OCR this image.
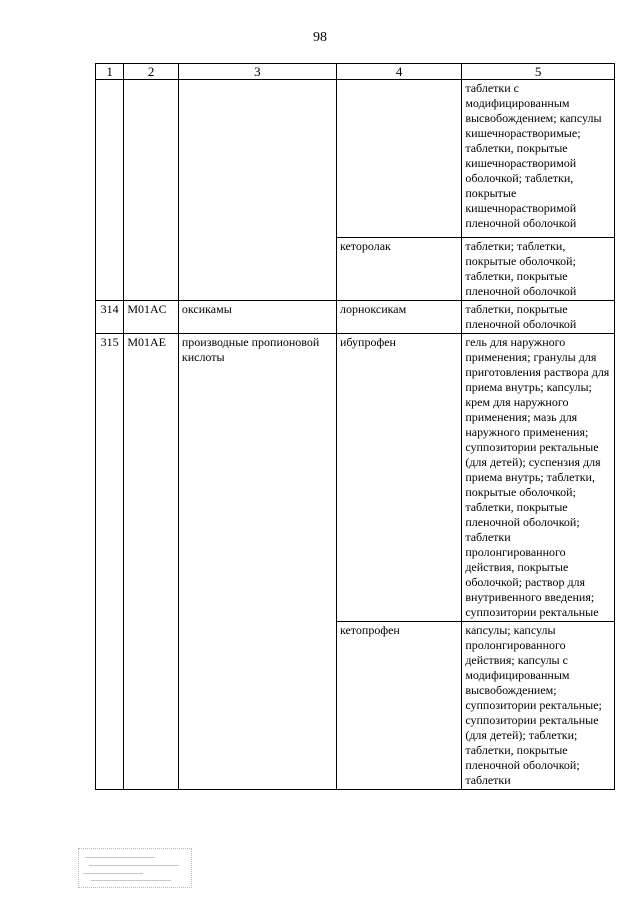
98
1	2	3	4	5
				таблетки с модифицированным высвобождением; капсулы кишечнорастворимые; таблетки, покрытые кишечнорастворимой оболочкой; таблетки, покрытые кишечнорастворимой пленочной оболочкой
			кеторолак	таблетки; таблетки, покрытые оболочкой; таблетки, покрытые пленочной оболочкой
314	M01AC	оксикамы	лорноксикам	таблетки, покрытые пленочной оболочкой
315	M01AE	производные пропионовой кислоты	ибупрофен	гель для наружного применения; гранулы для приготовления раствора для приема внутрь; капсулы; крем для наружного применения; мазь для наружного применения; суппозитории ректальные (для детей); суспензия для приема внутрь; таблетки, покрытые оболочкой; таблетки, покрытые пленочной оболочкой; таблетки пролонгированного действия, покрытые оболочкой; раствор для внутривенного введения; суппозитории ректальные
			кетопрофен	капсулы; капсулы пролонгированного действия; капсулы с модифицированным высвобождением; суппозитории ректальные; суппозитории ректальные (для детей); таблетки; таблетки, покрытые пленочной оболочкой; таблетки
